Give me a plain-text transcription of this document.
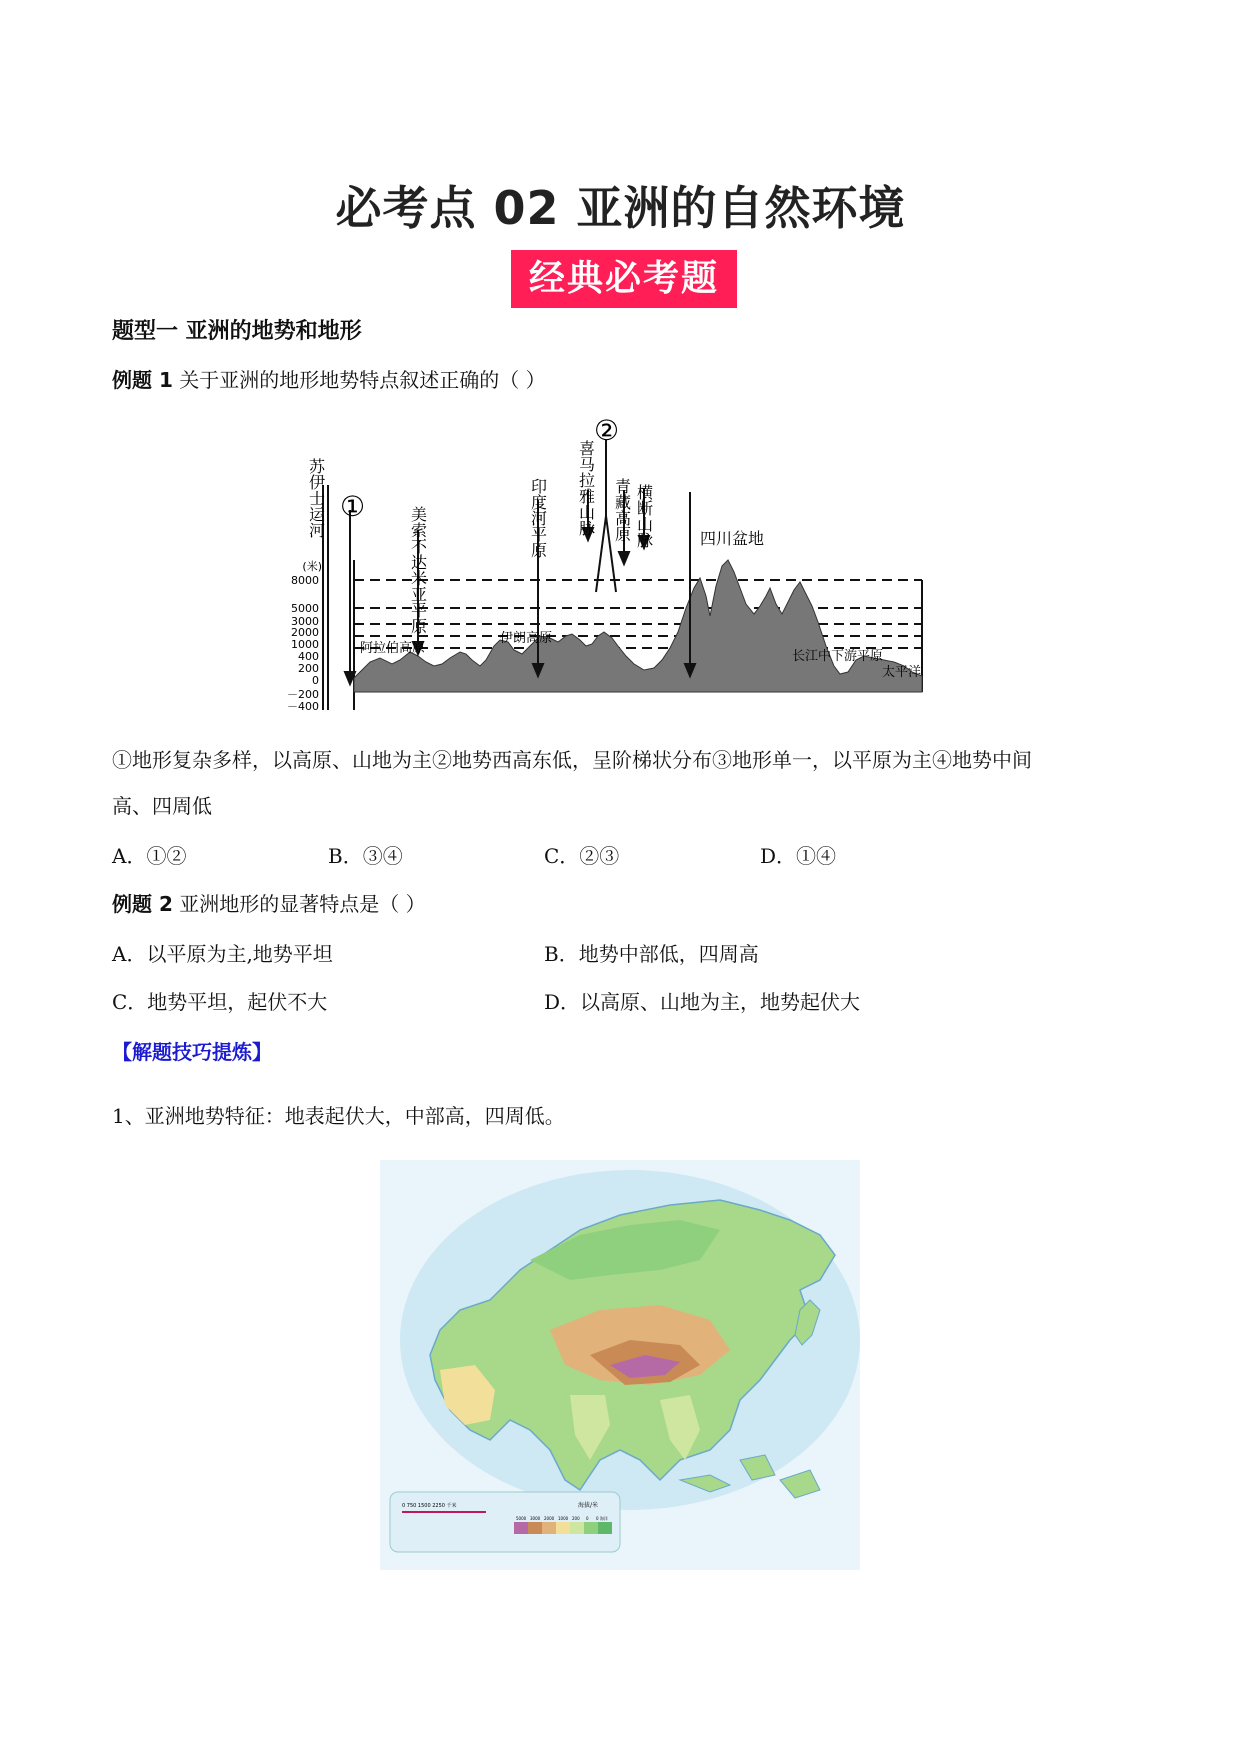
必考点 02 亚洲的自然环境
经典必考题
题型一 亚洲的地势和地形
例题 1 关于亚洲的地形地势特点叙述正确的（ ）
①
②
(米)
8000
5000
3000
2000
1000
400
200
0
－200
－400
苏伊士运河
美索不达米亚平原	印度河平原 喜马拉雅山脉 青藏高原 横断山脉
阿拉伯高原
伊朗高原
四川盆地
长江中下游平原
太平洋
①地形复杂多样，以高原、山地为主②地势西高东低，呈阶梯状分布③地形单一，以平原为主④地势中间
高、四周低
A．①②	B．③④	C．②③	D．①④
例题 2 亚洲地形的显著特点是（ ）
A．以平原为主,地势平坦	B．地势中部低，四周高
C．地势平坦，起伏不大	D．以高原、山地为主，地势起伏大
【解题技巧提炼】
1、亚洲地势特征：地表起伏大，中部高，四周低。
0 750 1500 2250 千米	海拔/米
5000 3000 2000 1000 200 0 0 海洋
